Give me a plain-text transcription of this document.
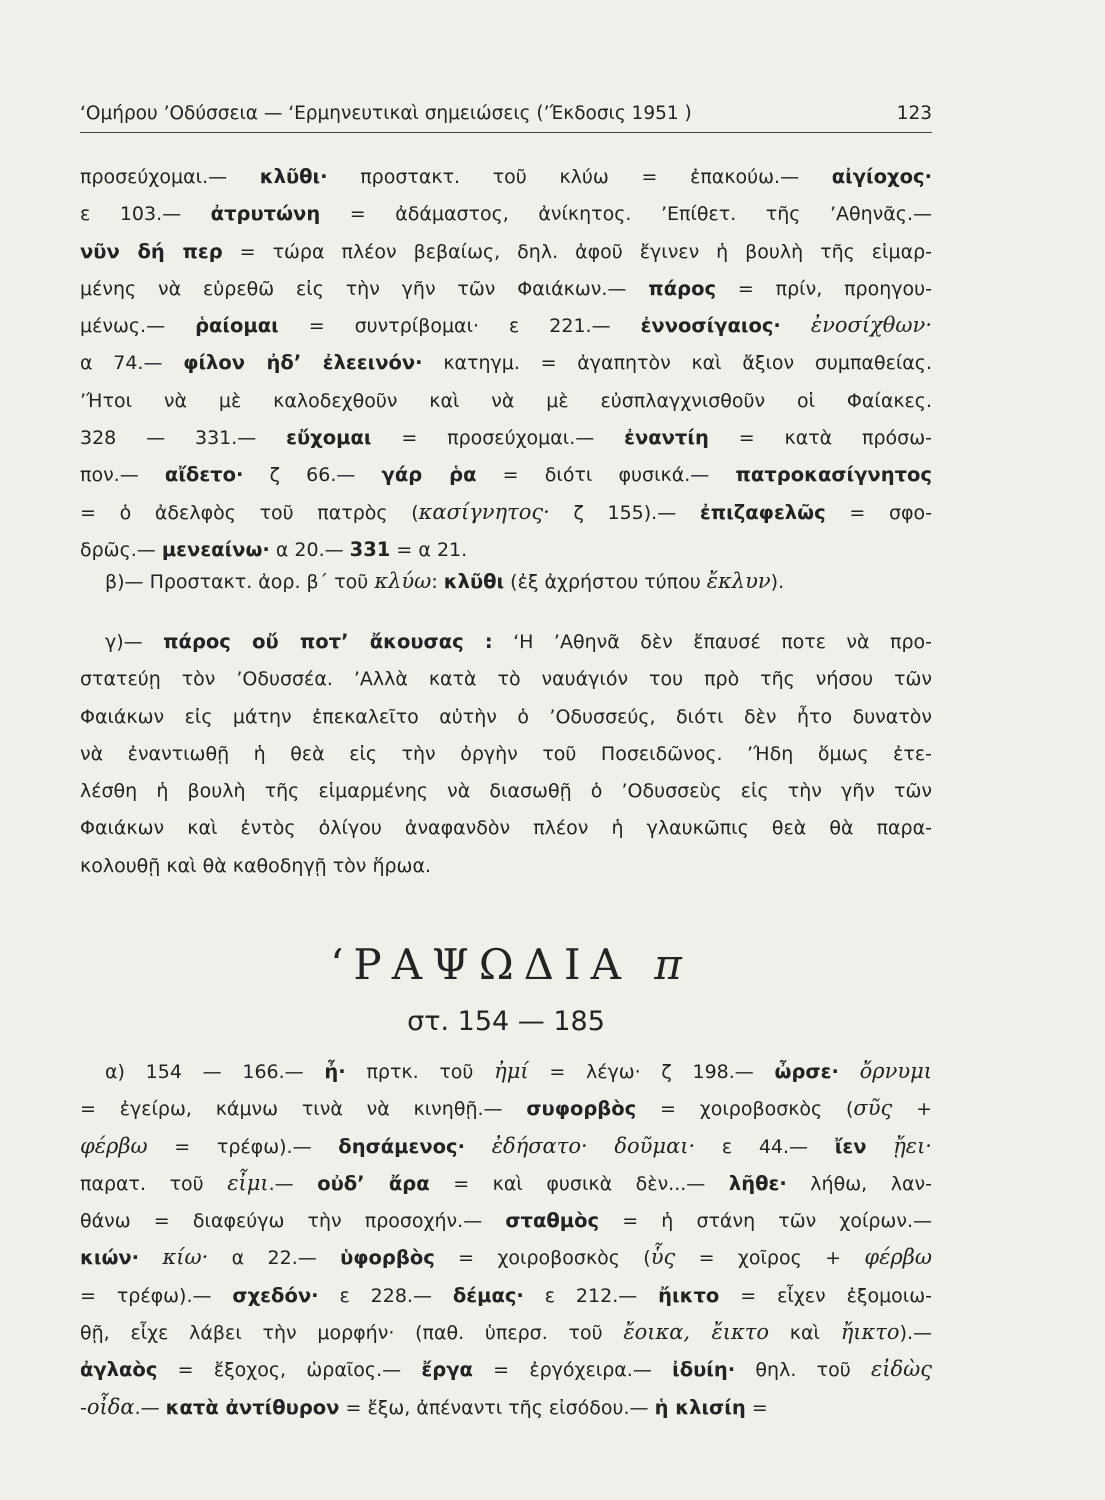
‘Ομήρου ’Οδύσσεια — ‘Ερμηνευτικαὶ σημειώσεις (’Έκδοσις 1951 )	123
προσεύχομαι.— κλῦθι· προστακτ. τοῦ κλύω = ἐπακούω.— αἰγίοχος·
ε 103.— ἀτρυτώνη = ἀδάμαστος, ἀνίκητος. ’Επίθετ. τῆς ’Αθηνᾶς.—
νῦν δή περ = τώρα πλέον βεβαίως, δηλ. ἀφοῦ ἔγινεν ἡ βουλὴ τῆς εἱμαρ-
μένης νὰ εὑρεθῶ εἰς τὴν γῆν τῶν Φαιάκων.— πάρος = πρίν, προηγου-
μένως.— ῥαίομαι = συντρίβομαι· ε 221.— ἐννοσίγαιος· ἐνοσίχθων·
α 74.— φίλον ἠδ’ ἐλεεινόν· κατηγμ. = ἀγαπητὸν καὶ ἄξιον συμπαθείας.
’Ήτοι νὰ μὲ καλοδεχθοῦν καὶ νὰ μὲ εὐσπλαγχνισθοῦν οἱ Φαίακες.
328 — 331.— εὔχομαι = προσεύχομαι.— ἐναντίη = κατὰ πρόσω-
πον.— αἴδετο· ζ 66.— γάρ ῥα = διότι φυσικά.— πατροκασίγνητος
= ὁ ἀδελφὸς τοῦ πατρὸς (κασίγνητος· ζ 155).— ἐπιζαφελῶς = σφο-
δρῶς.— μενεαίνω· α 20.— 331 = α 21.
β)— Προστακτ. ἀορ. β΄ τοῦ κλύω: κλῦθι (ἐξ ἀχρήστου τύπου ἔκλυν).
γ)— πάρος οὔ ποτ’ ἄκουσας : ‘Η ’Αθηνᾶ δὲν ἔπαυσέ ποτε νὰ προ-
στατεύῃ τὸν ’Οδυσσέα. ’Αλλὰ κατὰ τὸ ναυάγιόν του πρὸ τῆς νήσου τῶν
Φαιάκων εἰς μάτην ἐπεκαλεῖτο αὐτὴν ὁ ’Οδυσσεύς, διότι δὲν ἦτο δυνατὸν
νὰ ἐναντιωθῇ ἡ θεὰ εἰς τὴν ὀργὴν τοῦ Ποσειδῶνος. ’Ήδη ὅμως ἐτε-
λέσθη ἡ βουλὴ τῆς εἱμαρμένης νὰ διασωθῇ ὁ ’Οδυσσεὺς εἰς τὴν γῆν τῶν
Φαιάκων καὶ ἐντὸς ὀλίγου ἀναφανδὸν πλέον ἡ γλαυκῶπις θεὰ θὰ παρα-
κολουθῇ καὶ θὰ καθοδηγῇ τὸν ἥρωα.
‘ΡΑΨΩΔΙΑ π
στ. 154 — 185
α) 154 — 166.— ἦ· πρτκ. τοῦ ἠμί = λέγω· ζ 198.— ὦρσε· ὄρνυμι
= ἐγείρω, κάμνω τινὰ νὰ κινηθῇ.— συφορβὸς = χοιροβοσκὸς (σῦς +
φέρβω = τρέφω).— δησάμενος· ἐδήσατο· δοῦμαι· ε 44.— ἴεν ᾔει·
παρατ. τοῦ εἶμι.— οὐδ’ ἄρα = καὶ φυσικὰ δὲν...— λῆθε· λήθω, λαν-
θάνω = διαφεύγω τὴν προσοχήν.— σταθμὸς = ἡ στάνη τῶν χοίρων.—
κιών· κίω· α 22.— ὑφορβὸς = χοιροβοσκὸς (ὗς = χοῖρος + φέρβω
= τρέφω).— σχεδόν· ε 228.— δέμας· ε 212.— ἤικτο = εἶχεν ἐξομοιω-
θῇ, εἶχε λάβει τὴν μορφήν· (παθ. ὑπερσ. τοῦ ἔοικα, ἔικτο καὶ ἤικτο).—
ἀγλαὸς = ἔξοχος, ὡραῖος.— ἔργα = ἐργόχειρα.— ἰδυίη· θηλ. τοῦ εἰδὼς
-οἶδα.— κατὰ ἀντίθυρον = ἔξω, ἀπέναντι τῆς εἰσόδου.— ἡ κλισίη =
